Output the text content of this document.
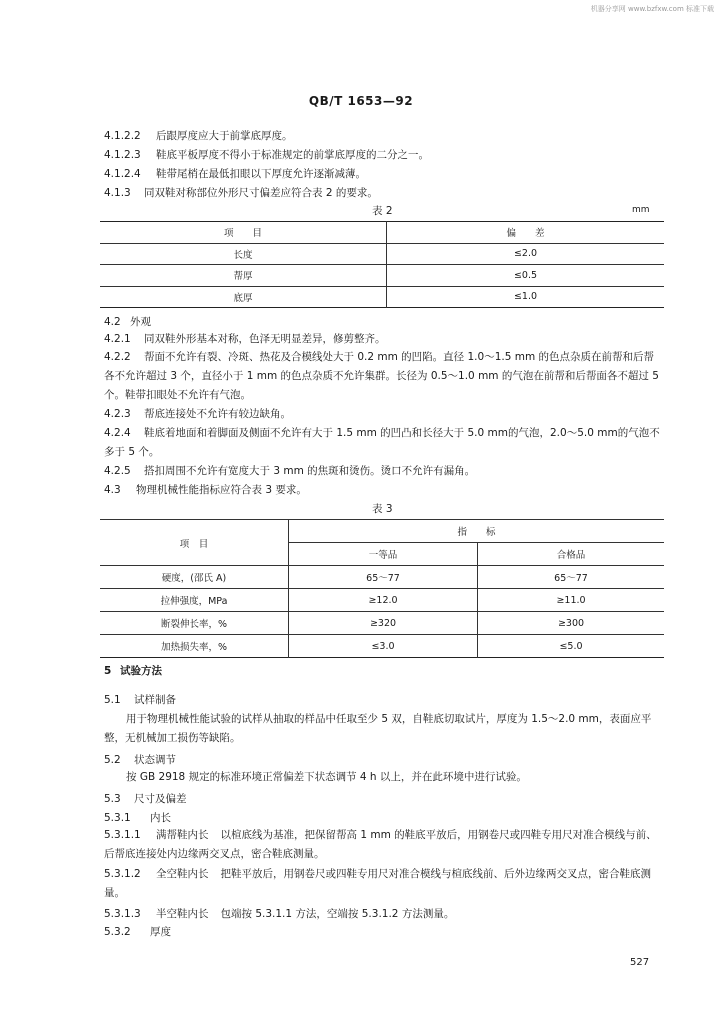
机器分享网 www.bzfxw.com 标准下载
QB/T 1653—92
4.1.2.2 后跟厚度应大于前掌底厚度。
4.1.2.3 鞋底平板厚度不得小于标准规定的前掌底厚度的二分之一。
4.1.2.4 鞋带尾梢在最低扣眼以下厚度允许逐渐减薄。
4.1.3 同双鞋对称部位外形尺寸偏差应符合表 2 的要求。
表 2	mm
项　　目	偏　　差
长度	≤2.0
帮厚	≤0.5
底厚	≤1.0
4.2 外观
4.2.1 同双鞋外形基本对称，色泽无明显差异，修剪整齐。
4.2.2 帮面不允许有裂、冷斑、热花及合模线处大于 0.2 mm 的凹陷。直径 1.0～1.5 mm 的色点杂质在前帮和后帮各不允许超过 3 个，直径小于 1 mm 的色点杂质不允许集群。长径为 0.5～1.0 mm 的气泡在前帮和后帮面各不超过 5 个。鞋带扣眼处不允许有气泡。
4.2.3 帮底连接处不允许有较边缺角。
4.2.4 鞋底着地面和着脚面及侧面不允许有大于 1.5 mm 的凹凸和长径大于 5.0 mm的气泡，2.0～5.0 mm的气泡不多于 5 个。
4.2.5 搭扣周围不允许有宽度大于 3 mm 的焦斑和烫伤。烫口不允许有漏角。
4.3 物理机械性能指标应符合表 3 要求。
表 3
项　目	指　　标	
	一等品	合格品
硬度，(邵氏 A)	65～77	65～77
拉伸强度，MPa	≥12.0	≥11.0
断裂伸长率，%	≥320	≥300
加热损失率，%	≤3.0	≤5.0
5 试验方法
5.1 试样制备
用于物理机械性能试验的试样从抽取的样品中任取至少 5 双，自鞋底切取试片，厚度为 1.5～2.0 mm，表面应平整，无机械加工损伤等缺陷。
5.2 状态调节
按 GB 2918 规定的标准环境正常偏差下状态调节 4 h 以上，并在此环境中进行试验。
5.3 尺寸及偏差
5.3.1 内长
5.3.1.1 满帮鞋内长 以楦底线为基准，把保留帮高 1 mm 的鞋底平放后，用钢卷尺或四鞋专用尺对准合模线与前、后帮底连接处内边缘两交叉点，密合鞋底测量。
5.3.1.2 全空鞋内长 把鞋平放后，用钢卷尺或四鞋专用尺对准合模线与楦底线前、后外边缘两交叉点，密合鞋底测量。
5.3.1.3 半空鞋内长 包端按 5.3.1.1 方法，空端按 5.3.1.2 方法测量。
5.3.2 厚度
527
